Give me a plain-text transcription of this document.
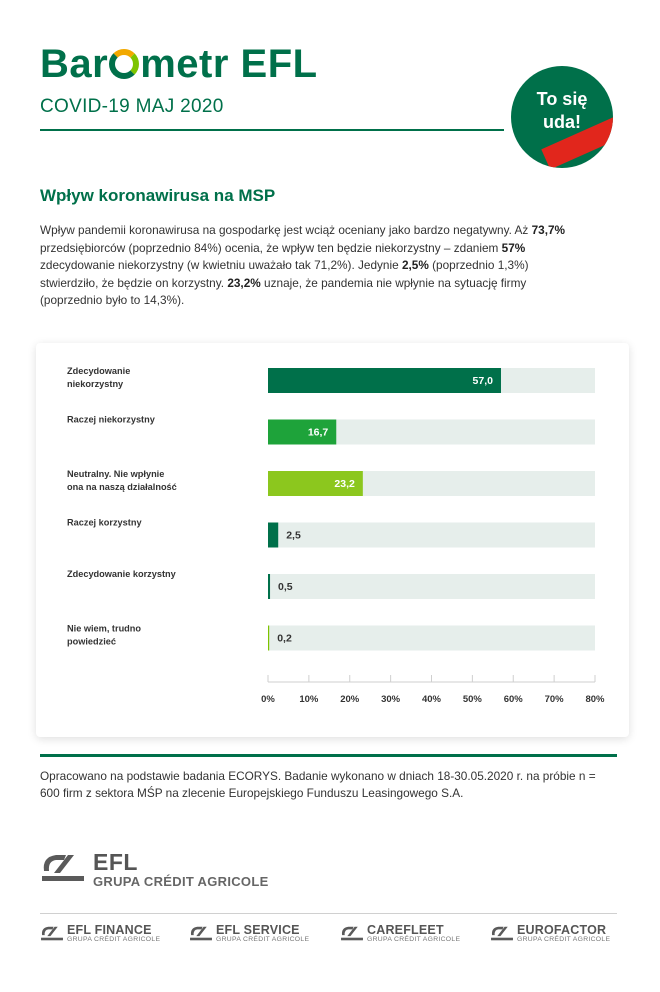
Bar metr EFL
COVID-19 MAJ 2020	To się
uda!
Wpływ koronawirusa na MSP
Wpływ pandemii koronawirusa na gospodarkę jest wciąż oceniany jako bardzo negatywny. Aż 73,7% przedsiębiorców (poprzednio 84%) ocenia, że wpływ ten będzie niekorzystny – zdaniem 57% zdecydowanie niekorzystny (w kwietniu uważało tak 71,2%). Jedynie 2,5% (poprzednio 1,3%) stwierdziło, że będzie on korzystny. 23,2% uznaje, że pandemia nie wpłynie na sytuację firmy (poprzednio było to 14,3%).
57,0
Zdecydowanie
niekorzystny
16,7
Raczej niekorzystny
23,2
Neutralny. Nie wpłynie
ona na naszą działalność
2,5
Raczej korzystny
0,5
Zdecydowanie korzystny
0,2
Nie wiem, trudno
powiedzieć
0%	10% 20% 30% 40% 50% 60% 70% 80%
Opracowano na podstawie badania ECORYS. Badanie wykonano w dniach 18-30.05.2020 r. na próbie n = 600 firm z sektora MŚP na zlecenie Europejskiego Funduszu Leasingowego S.A.
EFL
GRUPA CRÉDIT AGRICOLE
EFL FINANCE
GRUPA CRÉDIT AGRICOLE
EFL SERVICE
GRUPA CRÉDIT AGRICOLE
CAREFLEET
GRUPA CRÉDIT AGRICOLE
EUROFACTOR
GRUPA CRÉDIT AGRICOLE
